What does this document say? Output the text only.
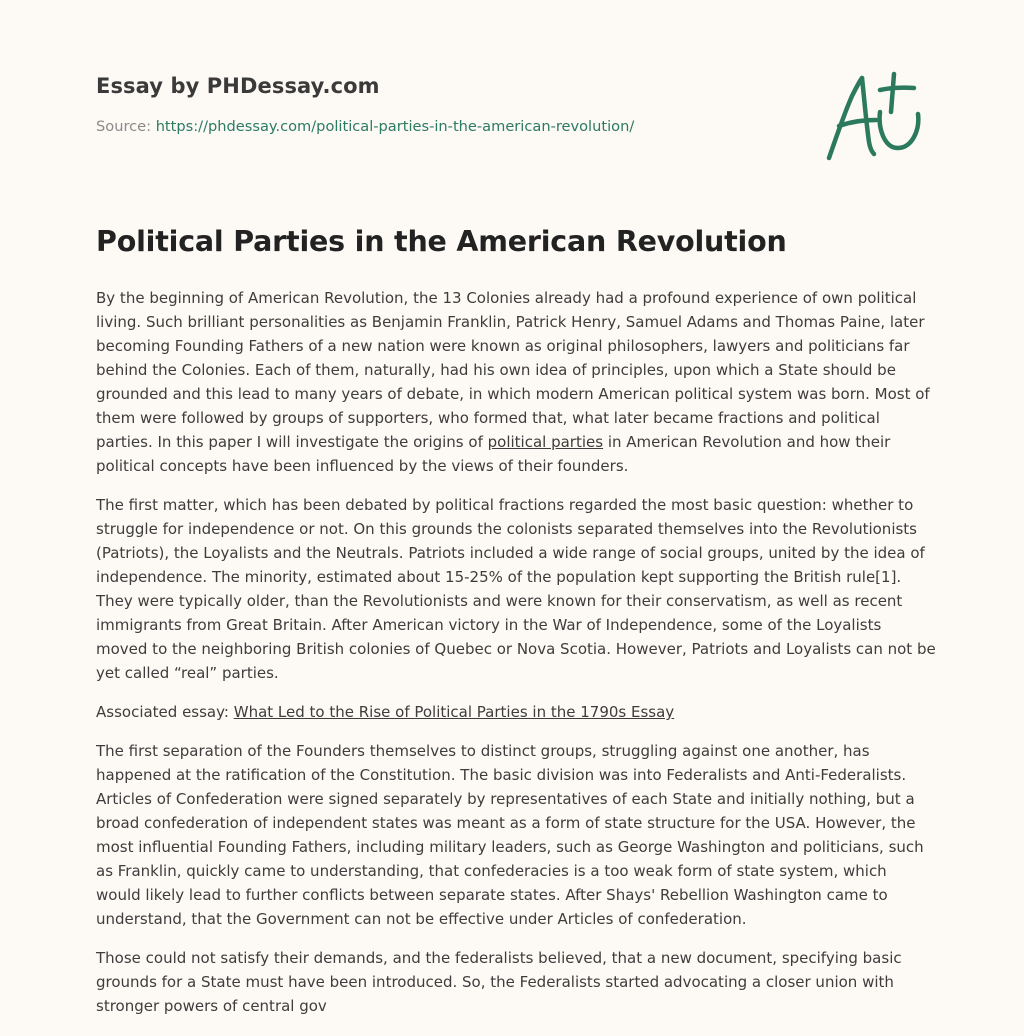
Essay by PHDessay.com
Source: https://phdessay.com/political-parties-in-the-american-revolution/
Political Parties in the American Revolution

By the beginning of American Revolution, the 13 Colonies already had a profound experience of own political living. Such brilliant personalities as Benjamin Franklin, Patrick Henry, Samuel Adams and Thomas Paine, later becoming Founding Fathers of a new nation were known as original philosophers, lawyers and politicians far behind the Colonies. Each of them, naturally, had his own idea of principles, upon which a State should be grounded and this lead to many years of debate, in which modern American political system was born. Most of them were followed by groups of supporters, who formed that, what later became fractions and political parties. In this paper I will investigate the origins of political parties in American Revolution and how their political concepts have been influenced by the views of their founders.

The first matter, which has been debated by political fractions regarded the most basic question: whether to struggle for independence or not. On this grounds the colonists separated themselves into the Revolutionists (Patriots), the Loyalists and the Neutrals. Patriots included a wide range of social groups, united by the idea of independence. The minority, estimated about 15-25% of the population kept supporting the British rule[1]. They were typically older, than the Revolutionists and were known for their conservatism, as well as recent immigrants from Great Britain. After American victory in the War of Independence, some of the Loyalists moved to the neighboring British colonies of Quebec or Nova Scotia. However, Patriots and Loyalists can not be yet called “real” parties.

Associated essay: What Led to the Rise of Political Parties in the 1790s Essay

The first separation of the Founders themselves to distinct groups, struggling against one another, has happened at the ratification of the Constitution. The basic division was into Federalists and Anti-Federalists. Articles of Confederation were signed separately by representatives of each State and initially nothing, but a broad confederation of independent states was meant as a form of state structure for the USA. However, the most influential Founding Fathers, including military leaders, such as George Washington and politicians, such as Franklin, quickly came to understanding, that confederacies is a too weak form of state system, which would likely lead to further conflicts between separate states. After Shays' Rebellion Washington came to understand, that the Government can not be effective under Articles of confederation.

Those could not satisfy their demands, and the federalists believed, that a new document, specifying basic grounds for a State must have been introduced. So, the Federalists started advocating a closer union with stronger powers of central gov
